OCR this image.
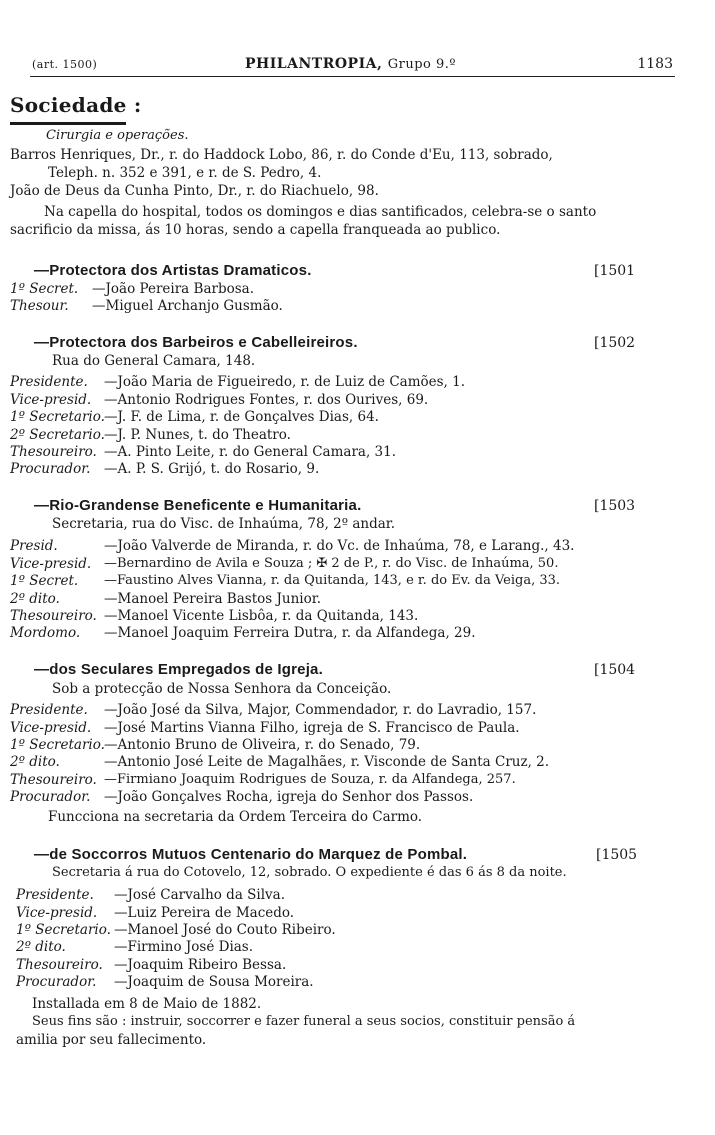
(art. 1500)	PHILANTROPIA, Grupo 9.º	1183
Sociedade :
Cirurgia e operações.
Barros Henriques, Dr., r. do Haddock Lobo, 86, r. do Conde d'Eu, 113, sobrado,
Teleph. n. 352 e 391, e r. de S. Pedro, 4.
João de Deus da Cunha Pinto, Dr., r. do Riachuelo, 98.
Na capella do hospital, todos os domingos e dias santificados, celebra-se o santo
sacrificio da missa, ás 10 horas, sendo a capella franqueada ao publico.
—Protectora dos Artistas Dramaticos.	[1501
1º Secret. —João Pereira Barbosa.
Thesour. —Miguel Archanjo Gusmão.
—Protectora dos Barbeiros e Cabelleireiros.	[1502
Rua do General Camara, 148.
Presidente. —João Maria de Figueiredo, r. de Luiz de Camões, 1.
Vice-presid. —Antonio Rodrigues Fontes, r. dos Ourives, 69.
1º Secretario. —J. F. de Lima, r. de Gonçalves Dias, 64.
2º Secretario. —J. P. Nunes, t. do Theatro.
Thesoureiro. —A. Pinto Leite, r. do General Camara, 31.
Procurador. —A. P. S. Grijó, t. do Rosario, 9.
—Rio-Grandense Beneficente e Humanitaria.	[1503
Secretaria, rua do Visc. de Inhaúma, 78, 2º andar.
Presid.	—João Valverde de Miranda, r. do Vc. de Inhaúma, 78, e Larang., 43.
Vice-presid. —Bernardino de Avila e Souza ; ✠ 2 de P., r. do Visc. de Inhaúma, 50.
1º Secret. —Faustino Alves Vianna, r. da Quitanda, 143, e r. do Ev. da Veiga, 33.
2º dito.	—Manoel Pereira Bastos Junior.
Thesoureiro. —Manoel Vicente Lisbôa, r. da Quitanda, 143.
Mordomo. —Manoel Joaquim Ferreira Dutra, r. da Alfandega, 29.
—dos Seculares Empregados de Igreja.	[1504
Sob a protecção de Nossa Senhora da Conceição.
Presidente. —João José da Silva, Major, Commendador, r. do Lavradio, 157.
Vice-presid. —José Martins Vianna Filho, igreja de S. Francisco de Paula.
1º Secretario. —Antonio Bruno de Oliveira, r. do Senado, 79.
2º dito.	—Antonio José Leite de Magalhães, r. Visconde de Santa Cruz, 2.
Thesoureiro. —Firmiano Joaquim Rodrigues de Souza, r. da Alfandega, 257.
Procurador. —João Gonçalves Rocha, igreja do Senhor dos Passos.
Funcciona na secretaria da Ordem Terceira do Carmo.
—de Soccorros Mutuos Centenario do Marquez de Pombal.	[1505
Secretaria á rua do Cotovelo, 12, sobrado. O expediente é das 6 ás 8 da noite.
Presidente. —José Carvalho da Silva.
Vice-presid. —Luiz Pereira de Macedo.
1º Secretario. —Manoel José do Couto Ribeiro.
2º dito.	—Firmino José Dias.
Thesoureiro. —Joaquim Ribeiro Bessa.
Procurador. —Joaquim de Sousa Moreira.
Installada em 8 de Maio de 1882.
Seus fins são : instruir, soccorrer e fazer funeral a seus socios, constituir pensão á
amilia por seu fallecimento.
